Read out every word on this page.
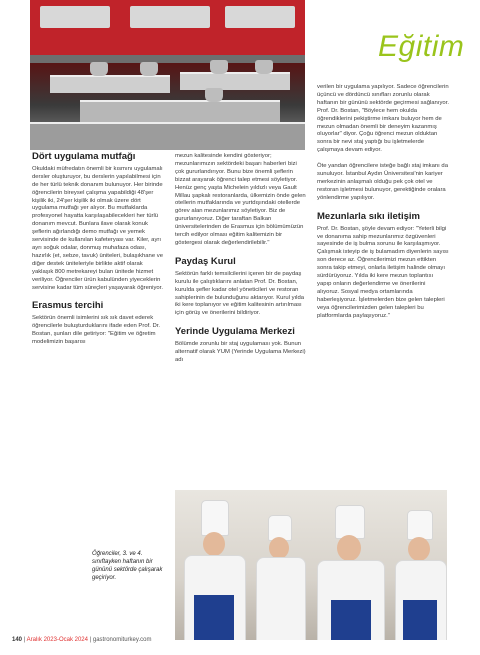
Eğitim
Dört uygulama mutfağı

Okuldaki müfredatın önemli bir kısmını uygulamalı dersler oluşturuyor, bu derslerin yapılabilmesi için de her türlü teknik donanım bulunuyor. Her birinde öğrencilerin bireysel çalışma yapabildiği 48'şer kişilik iki, 24'şer kişilik iki olmak üzere dört uygulama mutfağı yer alıyor. Bu mutfaklarda profesyonel hayatta karşılaşabilecekleri her türlü donanım mevcut. Bunlara ilave olarak konuk şeflerin ağırlandığı demo mutfağı ve yemek servisinde de kullanılan kafeteryası var. Kiler, ayrı ayrı soğuk odalar, donmuş muhafaza odası, hazırlık (et, sebze, tavuk) üniteleri, bulaşıkhane ve diğer destek üniteleriyle birlikte aktif olarak yaklaşık 800 metrekareyi bulan ünitede hizmet veriliyor. Öğrenciler ürün kabulünden yiyeceklerin servisine kadar tüm süreçleri yaşayarak öğreniyor.

Erasmus tercihi

Sektörün önemli isimlerini sık sık davet ederek öğrencilerle buluşturduklarını ifade eden Prof. Dr. Bostan, şunları dile getiriyor: "Eğitim ve öğretim modelimizin başarısı

mezun kalitesinde kendini gösteriyor; mezunlarımızın sektördeki başarı haberleri bizi çok gururlandırıyor. Bunu bize önemli şeflerin bizzat arayarak öğrenci talep etmesi söyletiyor. Henüz genç yaşta Michelein yıldızlı veya Gault Millau şapkalı restoranlarda, ülkemizin önde gelen otellerin mutfaklarında ve yurtdışındaki otellerde görev alan mezunlarımız söyletiyor. Biz de gururlanıyoruz. Diğer taraftan Balkan üniversitelerinden de Erasmus için bölümümüzün tercih edilyor olması eğitim kalitemizin bir göstergesi olarak değerlendirilebilir."

Paydaş Kurul

Sektörün farklı temsilcilerini içeren bir de paydaş kurulu ile çalıştıklarını anlatan Prof. Dr. Bostan, kurulda şefler kadar otel yöneticileri ve restoran sahiplerinin de bulunduğunu aktarıyor. Kurul yılda iki kere toplanıyor ve eğitim kalitesinin artırılması için görüş ve önerilerini bildiriyor.

Yerinde Uygulama Merkezi

Bölümde zorunlu bir staj uygulaması yok. Bunun alternatif olarak YUM (Yerinde Uygulama Merkezi) adı

verilen bir uygulama yapılıyor. Sadece öğrencilerin üçüncü ve dördüncü sınıfları zorunlu olarak haftanın bir gününü sektörde geçirmesi sağlanıyor. Prof. Dr. Bostan, "Böylece hem okulda öğrendiklerini pekiştirme imkanı buluyor hem de mezun olmadan önemli bir deneyim kazanmış oluyorlar" diyor. Çoğu öğrenci mezun olduktan sonra bir nevi staj yaptığı bu işletmelerde çalışmaya devam ediyor.

Öte yandan öğrencilere isteğe bağlı staj imkanı da sunuluyor. İstanbul Aydın Üniversitesi'nin kariyer merkezinin anlaşmalı olduğu pek çok otel ve restoran işletmesi bulunuyor, gerektiğinde oralara yönlendirme yapılıyor.

Mezunlarla sıkı iletişim

Prof. Dr. Bostan, şöyle devam ediyor: "Yeterli bilgi ve donanıma sahip mezunlarımız özgüvenleri sayesinde de iş bulma sorunu ile karşılaşmıyor. Çalışmak isteyip de iş bulamadım diyenlerin sayısı son derece az. Öğrencilerimizi mezun ettikten sonra takip etmeyi, onlarla iletişim halinde olmayı sürdürüyoruz. Yılda iki kere mezun toplantısı yapıp onların değerlendirme ve önerilerini alıyoruz. Sosyal medya ortamlarında haberleşiyoruz. İşletmelerden bize gelen talepleri veya öğrencilerimizden gelen talepleri bu platformlarda paylaşıyoruz."

Öğrenciler, 3. ve 4. sınıftayken haftanın bir gününü sektörde çalışarak geçiriyor.
140 | Aralık 2023-Ocak 2024 | gastronomiturkey.com
